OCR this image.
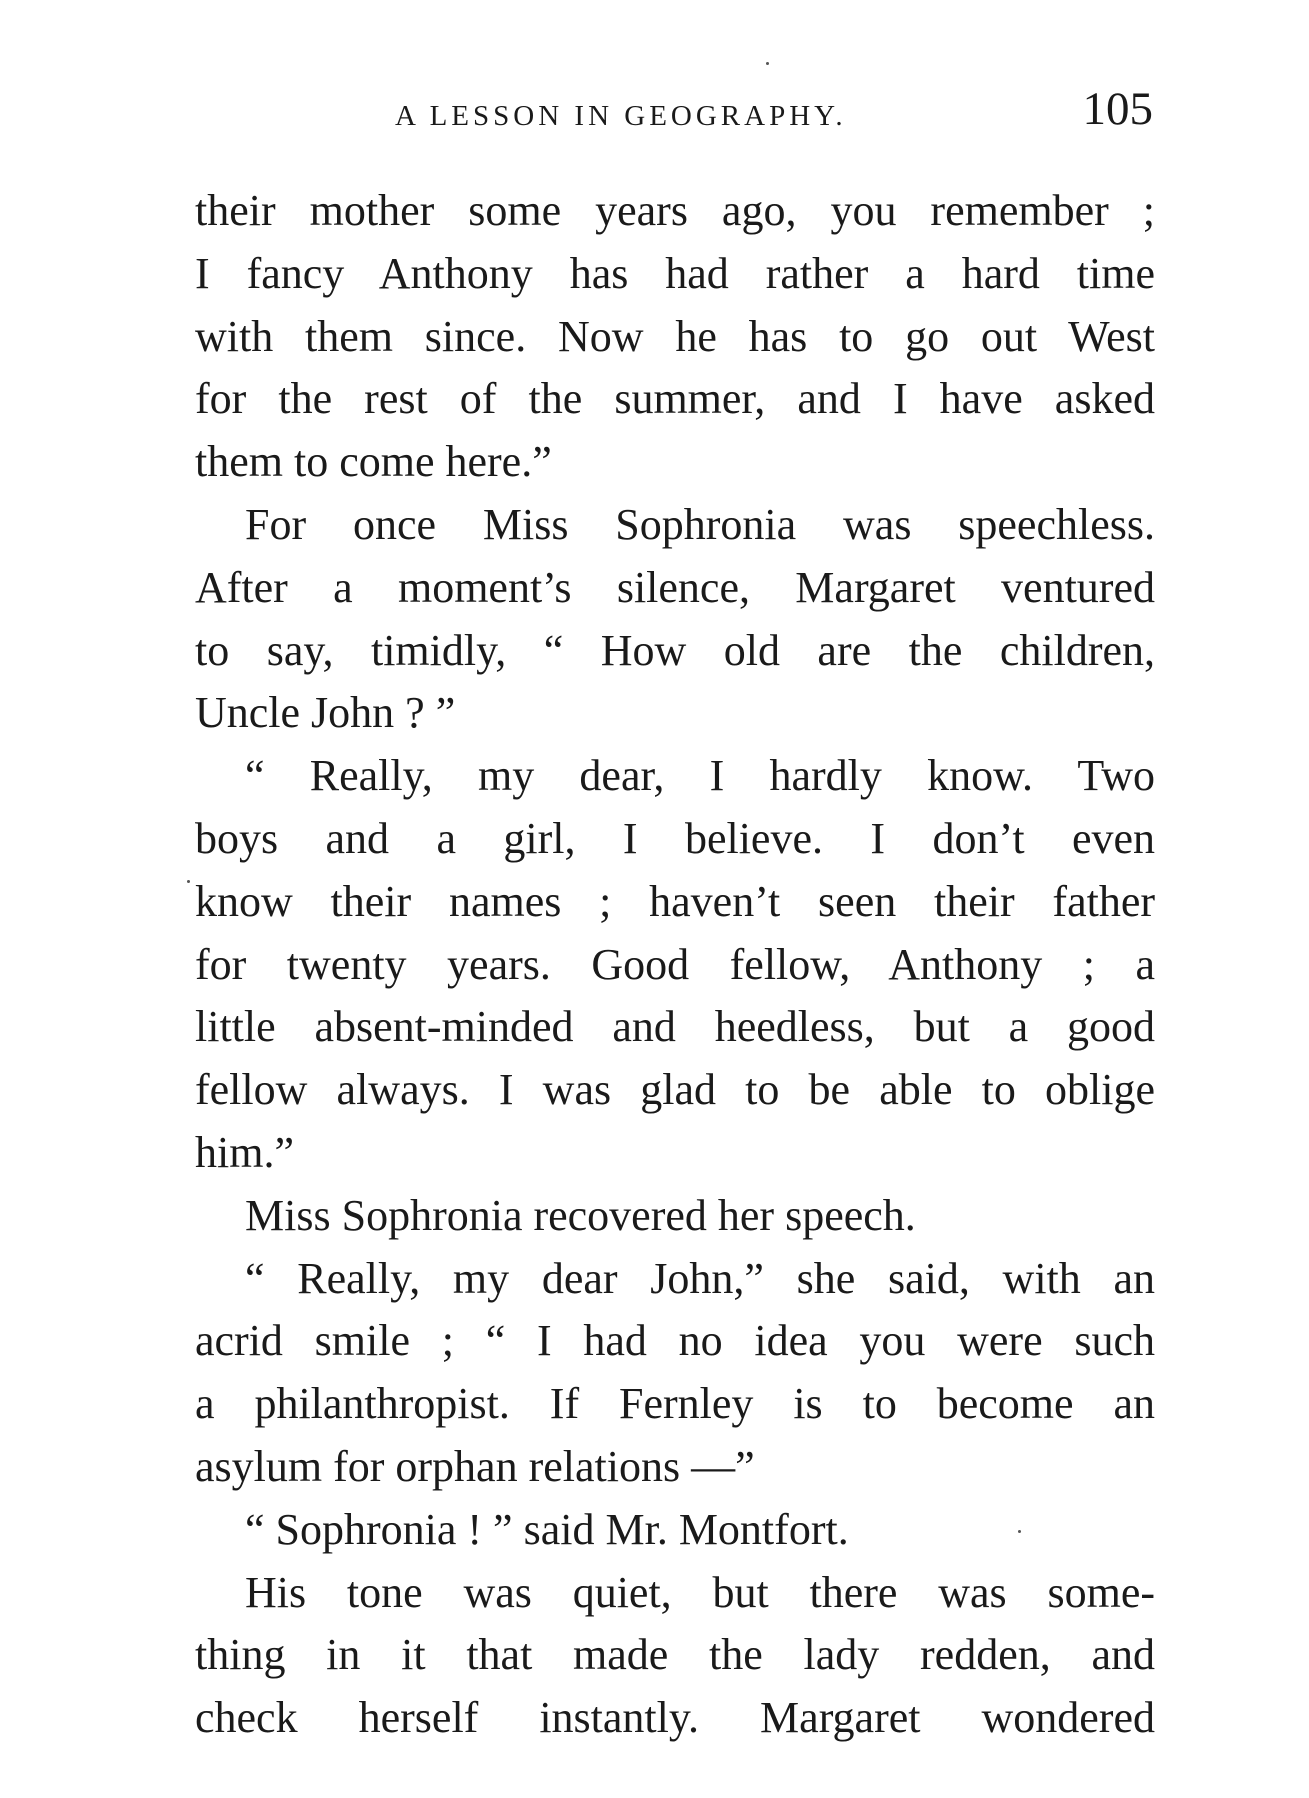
A LESSON IN GEOGRAPHY.	105
their mother some years ago, you remember ;
I fancy Anthony has had rather a hard time
with them since. Now he has to go out West
for the rest of the summer, and I have asked
them to come here.”
For once Miss Sophronia was speechless.
After a moment’s silence, Margaret ventured
to say, timidly, “ How old are the children,
Uncle John ? ”
“ Really, my dear, I hardly know. Two
boys and a girl, I believe. I don’t even
know their names ; haven’t seen their father
for twenty years. Good fellow, Anthony ; a
little absent-minded and heedless, but a good
fellow always. I was glad to be able to oblige
him.”
Miss Sophronia recovered her speech.
“ Really, my dear John,” she said, with an
acrid smile ; “ I had no idea you were such
a philanthropist. If Fernley is to become an
asylum for orphan relations —”
“ Sophronia ! ” said Mr. Montfort.
His tone was quiet, but there was some-
thing in it that made the lady redden, and
check herself instantly. Margaret wondered
